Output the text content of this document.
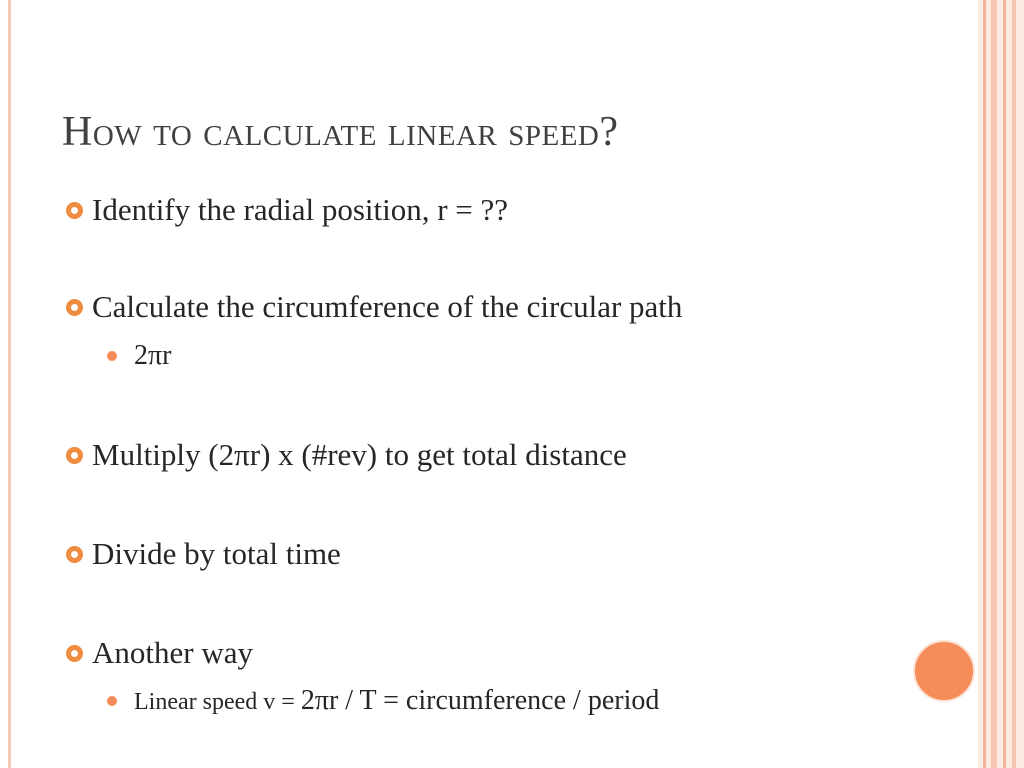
How to calculate linear speed?
Identify the radial position, r = ??
Calculate the circumference of the circular path
2πr
Multiply (2πr) x (#rev) to get total distance
Divide by total time
Another way
Linear speed v = 2πr / T = circumference / period
